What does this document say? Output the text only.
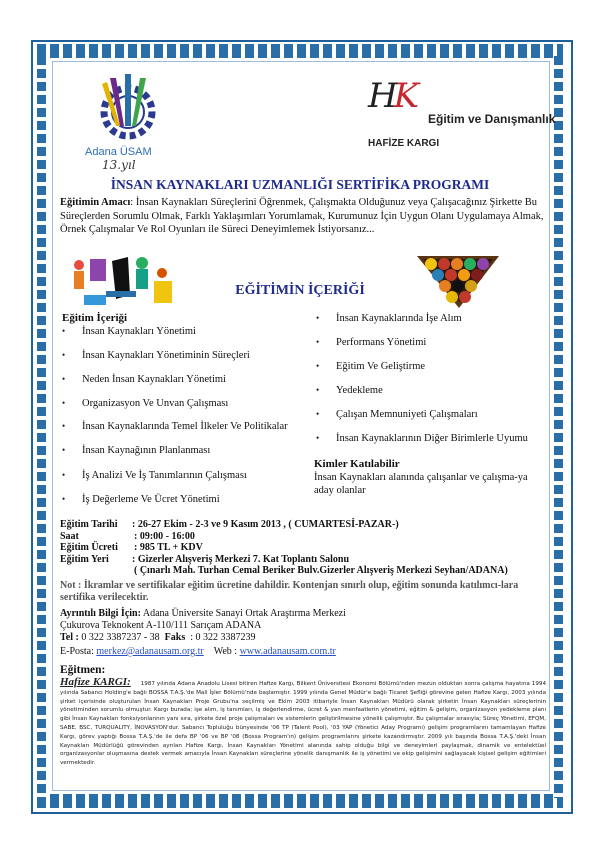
Adana ÜSAM
13.yıl
HK
Eğitim ve Danışmanlık
HAFİZE KARGI
İNSAN KAYNAKLARI UZMANLIĞI SERTİFİKA PROGRAMI
Eğitimin Amacı: İnsan Kaynakları Süreçlerini Öğrenmek, Çalışmakta Olduğunuz veya Çalışacağınız Şirkette Bu Süreçlerden Sorumlu Olmak, Farklı Yaklaşımları Yorumlamak, Kurumunuz İçin Uygun Olanı Uygulamaya Almak, Örnek Çalışmalar Ve Rol Oyunları ile Süreci Deneyimlemek İstiyorsanız...
EĞİTİMİN İÇERİĞİ
Eğitim İçeriği
• İnsan Kaynakları Yönetimi
• İnsan Kaynakları Yönetiminin Süreçleri
• Neden İnsan Kaynakları Yönetimi
• Organizasyon Ve Unvan Çalışması
• İnsan Kaynaklarında Temel İlkeler Ve Politikalar
• İnsan Kaynağının Planlanması
• İş Analizi Ve İş Tanımlarının Çalışması
• İş Değerleme Ve Ücret Yönetimi
• İnsan Kaynaklarında İşe Alım
• Performans Yönetimi
• Eğitim Ve Geliştirme
• Yedekleme
• Çalışan Memnuniyeti Çalışmaları
• İnsan Kaynaklarının Diğer Birimlerle Uyumu
Kimler Katılabilir
İnsan Kaynakları alanında çalışanlar ve çalışma-ya aday olanlar
Eğitim Tarihi : 26-27 Ekim - 2-3 ve 9 Kasım 2013 , ( CUMARTESİ-PAZAR-)
Saat	: 09:00 - 16:00
Eğitim Ücreti : 985 TL + KDV
Eğitim Yeri : Gizerler Alışveriş Merkezi 7. Kat Toplantı Salonu
( Çınarlı Mah. Turhan Cemal Beriker Bulv.Gizerler Alışveriş Merkezi Seyhan/ADANA)
Not : İkramlar ve sertifikalar eğitim ücretine dahildir. Kontenjan sınırlı olup, eğitim sonunda katılımcı-lara sertifika verilecektir.
Ayrıntılı Bilgi İçin: Adana Üniversite Sanayi Ortak Araştırma Merkezi
Çukurova Teknokent A-110/111 Sarıçam ADANA
Tel : 0 322 3387237 - 38 Faks : 0 322 3387239
E-Posta: merkez@adanausam.org.tr Web : www.adanausam.com.tr
Eğitmen:
Hafize KARGI: 1987 yılında Adana Anadolu Lisesi bitiren Hafize Kargı, Bilkent Üniversitesi Ekonomi Bölümü'nden mezun olduktan sonra çalışma hayatına 1994 yılında Sabancı Holding'e bağlı BOSSA T.A.Ş.'de Mali İşler Bölümü'nde başlamıştır. 1999 yılında Genel Müdür'e bağlı Ticaret Şefliği görevine gelen Hafize Kargı, 2003 yılında şirket içerisinde oluşturulan İnsan Kaynakları Proje Grubu'na seçilmiş ve Ekim 2003 itibariyle İnsan Kaynakları Müdürü olarak şirketin İnsan Kaynakları süreçlerinin yönetiminden sorumlu olmuştur. Kargı burada; işe alım, iş tanımları, iş değerlendirme, ücret & yan menfaatlerin yönetimi, eğitim & gelişim, organizasyon yedekleme planı gibi İnsan Kaynakları fonksiyonlarının yanı sıra, şirkete özel proje çalışmaları ve sistemlerin geliştirilmesine yönelik çalışmıştır. Bu çalışmalar sırasıyla; Süreç Yönetimi, EFQM, SABE, BSC, TURQUALITY, İNOVASYON'dur. Sabancı Topluluğu bünyesinde '06 TP (Talent Pool), '03 YAP (Yönetici Aday Programı) gelişim programlarını tamamlayan Hafize Kargı, görev yaptığı Bossa T.A.Ş.'de ile defa BP '06 ve BP '08 (Bossa Program'ın) gelişim programlarını şirkete kazandırmıştır. 2009 yılı başında Bossa T.A.Ş.'deki İnsan Kaynakları Müdürlüğü görevinden ayrılan Hafize Kargı, İnsan Kaynakları Yönetimi alanında sahip olduğu bilgi ve deneyimleri paylaşmak, dinamik ve entelektüel organizasyonlar oluşmasına destek vermek amacıyla İnsan Kaynakları süreçlerine yönelik danışmanlık ile iş yönetimi ve ekip gelişimini sağlayacak kişisel gelişim eğitimleri vermektedir.
